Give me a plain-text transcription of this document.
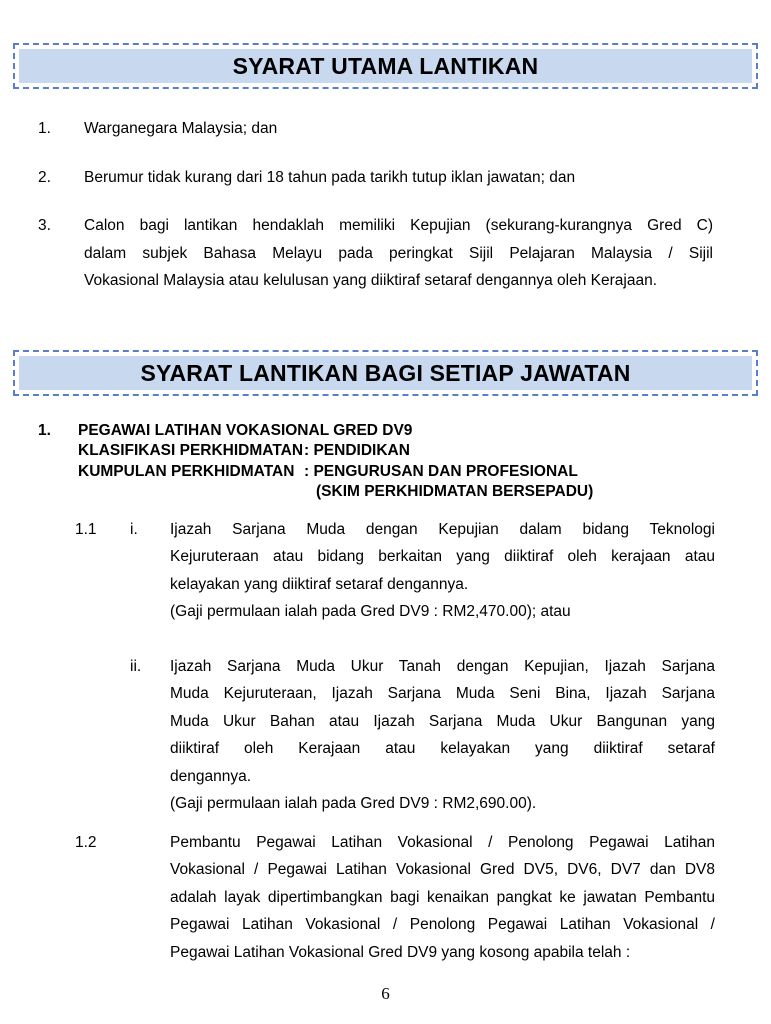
SYARAT UTAMA LANTIKAN
1.	Warganegara Malaysia; dan
2.	Berumur tidak kurang dari 18 tahun pada tarikh tutup iklan jawatan; dan
3.	Calon bagi lantikan hendaklah memiliki Kepujian (sekurang-kurangnya Gred C)
dalam subjek Bahasa Melayu pada peringkat Sijil Pelajaran Malaysia / Sijil
Vokasional Malaysia atau kelulusan yang diiktiraf setaraf dengannya oleh Kerajaan.
SYARAT LANTIKAN BAGI SETIAP JAWATAN
1.	PEGAWAI LATIHAN VOKASIONAL GRED DV9
KLASIFIKASI PERKHIDMATAN : PENDIDIKAN
KUMPULAN PERKHIDMATAN : PENGURUSAN DAN PROFESIONAL
(SKIM PERKHIDMATAN BERSEPADU)
1.1	i.	Ijazah Sarjana Muda dengan Kepujian dalam bidang Teknologi
Kejuruteraan atau bidang berkaitan yang diiktiraf oleh kerajaan atau
kelayakan yang diiktiraf setaraf dengannya.
(Gaji permulaan ialah pada Gred DV9 : RM2,470.00); atau
ii.	Ijazah Sarjana Muda Ukur Tanah dengan Kepujian, Ijazah Sarjana
Muda Kejuruteraan, Ijazah Sarjana Muda Seni Bina, Ijazah Sarjana
Muda Ukur Bahan atau Ijazah Sarjana Muda Ukur Bangunan yang
diiktiraf oleh Kerajaan atau kelayakan yang diiktiraf setaraf
dengannya.
(Gaji permulaan ialah pada Gred DV9 : RM2,690.00).
1.2	Pembantu Pegawai Latihan Vokasional / Penolong Pegawai Latihan
Vokasional / Pegawai Latihan Vokasional Gred DV5, DV6, DV7 dan DV8
adalah layak dipertimbangkan bagi kenaikan pangkat ke jawatan Pembantu
Pegawai Latihan Vokasional / Penolong Pegawai Latihan Vokasional /
Pegawai Latihan Vokasional Gred DV9 yang kosong apabila telah :
6
